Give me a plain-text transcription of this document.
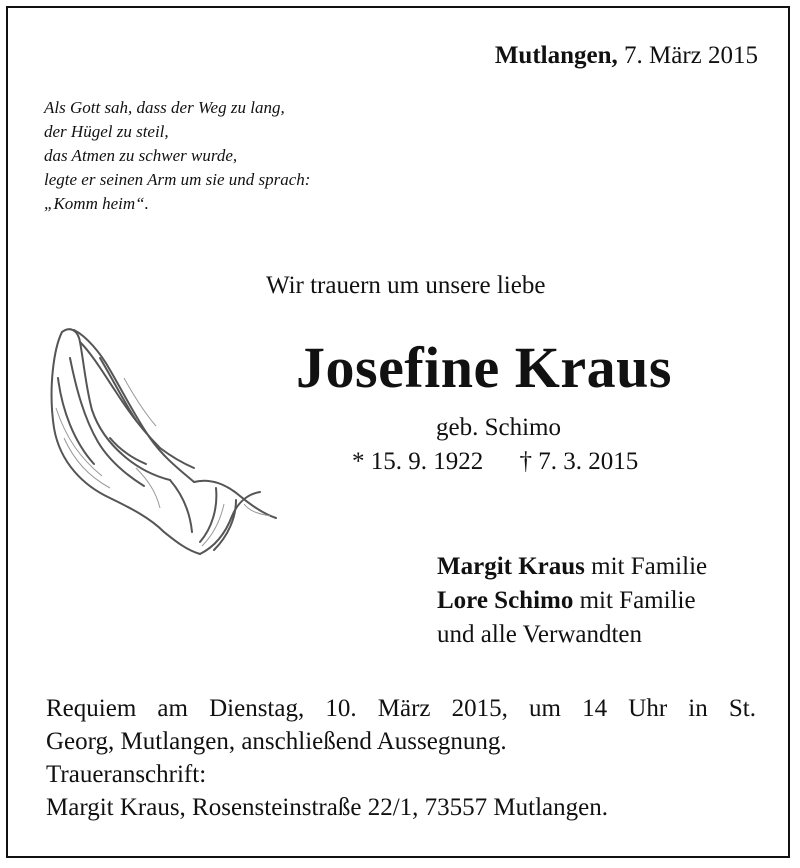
Mutlangen, 7. März 2015
Als Gott sah, dass der Weg zu lang,
der Hügel zu steil,
das Atmen zu schwer wurde,
legte er seinen Arm um sie und sprach:
„Komm heim“.
Wir trauern um unsere liebe
Josefine Kraus
geb. Schimo
* 15. 9. 1922 † 7. 3. 2015
Margit Kraus mit Familie
Lore Schimo mit Familie
und alle Verwandten
Requiem am Dienstag, 10. März 2015, um 14 Uhr in St.
Georg, Mutlangen, anschließend Aussegnung.
Traueranschrift:
Margit Kraus, Rosensteinstraße 22/1, 73557 Mutlangen.
